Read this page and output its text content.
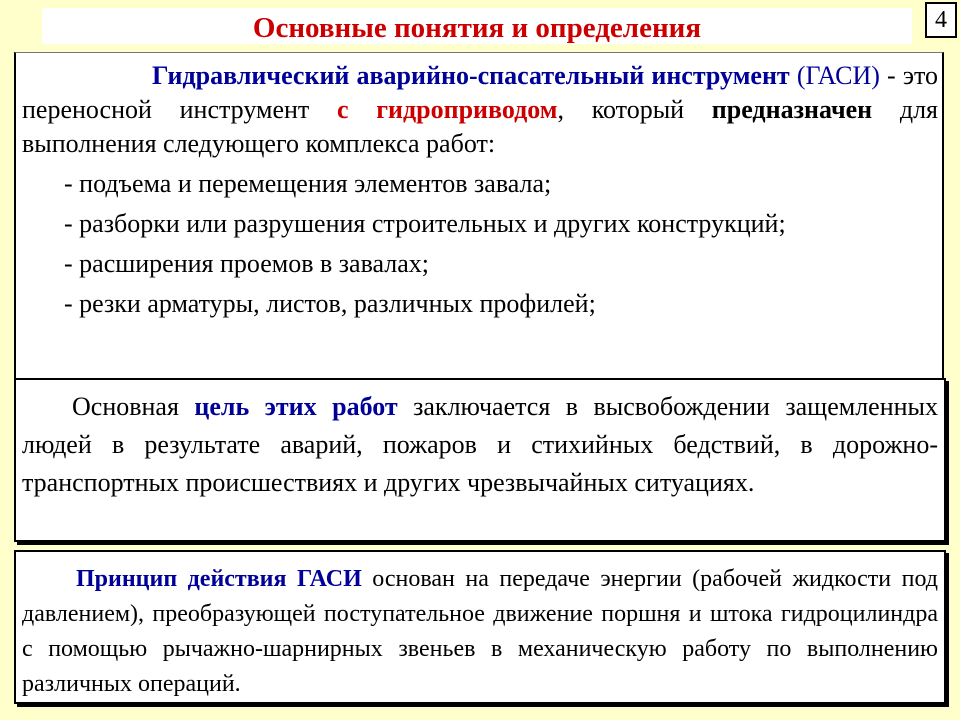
Основные понятия и определения	4

Гидравлический аварийно-спасательный инструмент (ГАСИ) - это переносной инструмент с гидроприводом, который предназначен для выполнения следующего комплекса работ:

- подъема и перемещения элементов завала;

- разборки или разрушения строительных и других конструкций;

- расширения проемов в завалах;

- резки арматуры, листов, различных профилей;

Основная цель этих работ заключается в высвобождении защемленных людей в результате аварий, пожаров и стихийных бедствий, в дорожно-транспортных происшествиях и других чрезвычайных ситуациях.

Принцип действия ГАСИ основан на передаче энергии (рабочей жидкости под давлением), преобразующей поступательное движение поршня и штока гидроцилиндра с помощью рычажно-шарнирных звеньев в механическую работу по выполнению различных операций.
